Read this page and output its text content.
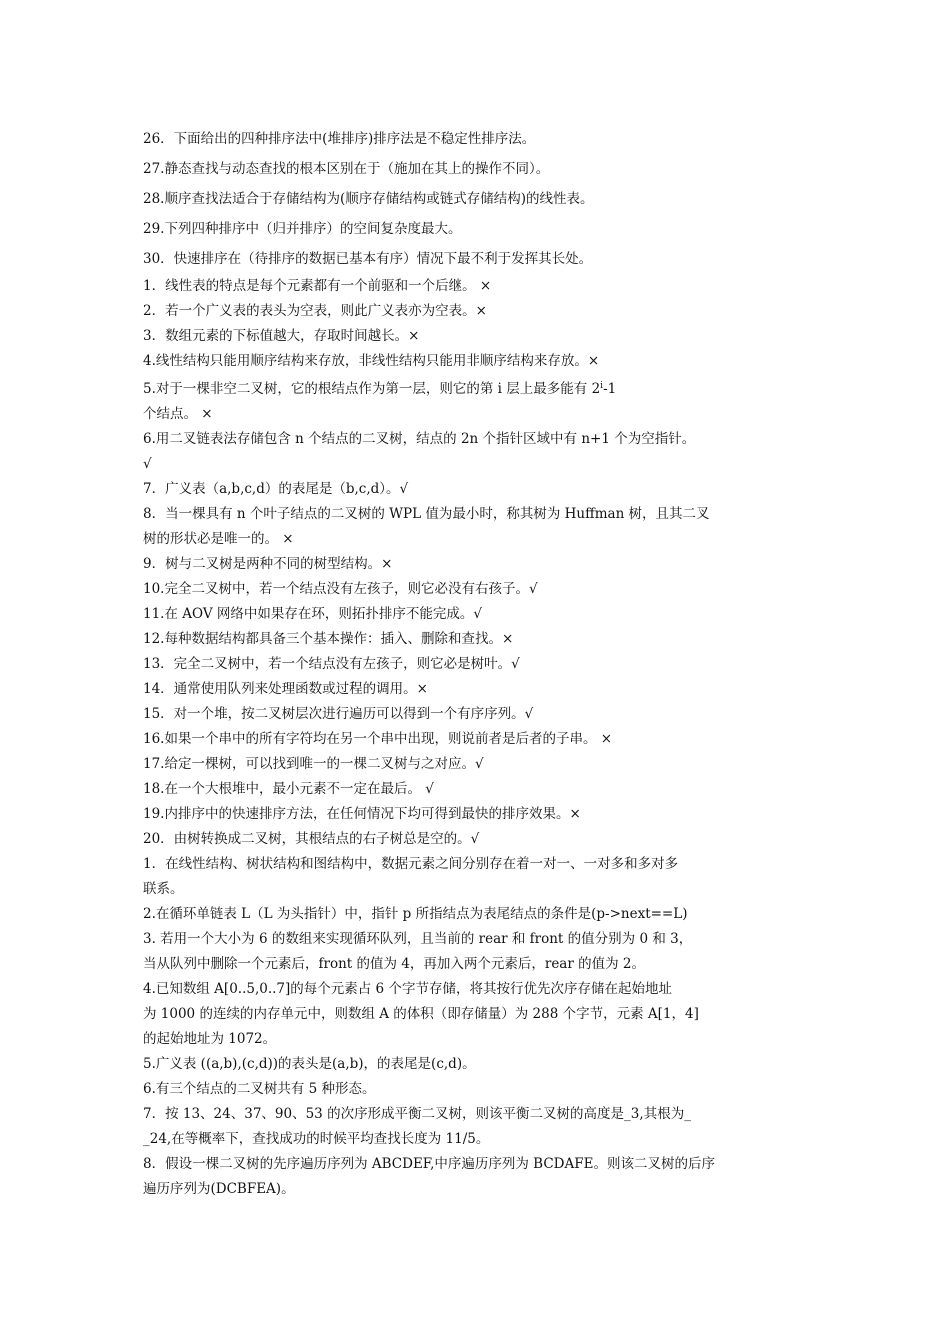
26．下面给出的四种排序法中(堆排序)排序法是不稳定性排序法。
27.静态查找与动态查找的根本区别在于（施加在其上的操作不同）。
28.顺序查找法适合于存储结构为(顺序存储结构或链式存储结构)的线性表。
29.下列四种排序中（归并排序）的空间复杂度最大。
30．快速排序在（待排序的数据已基本有序）情况下最不利于发挥其长处。
1．线性表的特点是每个元素都有一个前驱和一个后继。 ×
2．若一个广义表的表头为空表，则此广义表亦为空表。×
3．数组元素的下标值越大，存取时间越长。×
4.线性结构只能用顺序结构来存放，非线性结构只能用非顺序结构来存放。×
5.对于一棵非空二叉树，它的根结点作为第一层，则它的第 i 层上最多能有 2$^i$-1
个结点。 ×
6.用二叉链表法存储包含 n 个结点的二叉树，结点的 2n 个指针区域中有 n+1 个为空指针。
√
7．广义表（a,b,c,d）的表尾是（b,c,d）。√
8．当一棵具有 n 个叶子结点的二叉树的 WPL 值为最小时，称其树为 Huffman 树，且其二叉
树的形状必是唯一的。 ×
9．树与二叉树是两种不同的树型结构。×
10.完全二叉树中，若一个结点没有左孩子，则它必没有右孩子。√
11.在 AOV 网络中如果存在环，则拓扑排序不能完成。√
12.每种数据结构都具备三个基本操作：插入、删除和查找。×
13．完全二叉树中，若一个结点没有左孩子，则它必是树叶。√
14．通常使用队列来处理函数或过程的调用。×
15．对一个堆，按二叉树层次进行遍历可以得到一个有序序列。√
16.如果一个串中的所有字符均在另一个串中出现，则说前者是后者的子串。 ×
17.给定一棵树，可以找到唯一的一棵二叉树与之对应。√
18.在一个大根堆中，最小元素不一定在最后。 √
19.内排序中的快速排序方法，在任何情况下均可得到最快的排序效果。×
20．由树转换成二叉树，其根结点的右子树总是空的。√
1．在线性结构、树状结构和图结构中，数据元素之间分别存在着一对一、一对多和多对多
联系。
2.在循环单链表 L（L 为头指针）中，指针 p 所指结点为表尾结点的条件是(p->next==L)
3. 若用一个大小为 6 的数组来实现循环队列，且当前的 rear 和 front 的值分别为 0 和 3，
当从队列中删除一个元素后，front 的值为 4，再加入两个元素后，rear 的值为 2。
4.已知数组 A[0..5,0..7]的每个元素占 6 个字节存储，将其按行优先次序存储在起始地址
为 1000 的连续的内存单元中，则数组 A 的体积（即存储量）为 288 个字节，元素 A[1，4]
的起始地址为 1072。
5.广义表 ((a,b),(c,d))的表头是(a,b)，的表尾是(c,d)。
6.有三个结点的二叉树共有 5 种形态。
7．按 13、24、37、90、53 的次序形成平衡二叉树，则该平衡二叉树的高度是_3,其根为_
_24,在等概率下，查找成功的时候平均查找长度为 11/5。
8．假设一棵二叉树的先序遍历序列为 ABCDEF,中序遍历序列为 BCDAFE。则该二叉树的后序
遍历序列为(DCBFEA)。
